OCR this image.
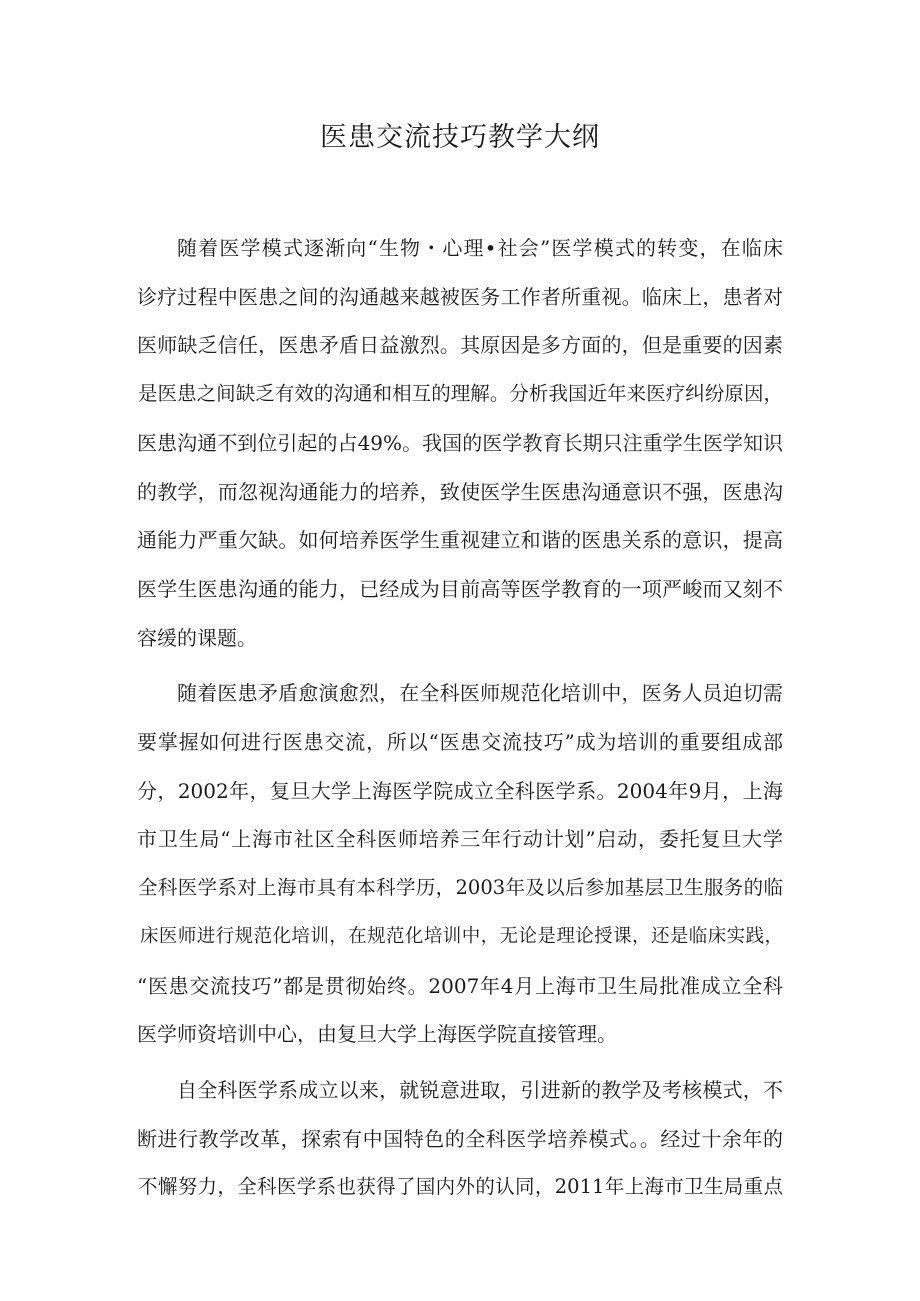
医患交流技巧教学大纲

随着医学模式逐渐向“生物・心理•社会”医学模式的转变，在临床
诊疗过程中医患之间的沟通越来越被医务工作者所重视。临床上，患者对
医师缺乏信任，医患矛盾日益激烈。其原因是多方面的，但是重要的因素
是医患之间缺乏有效的沟通和相互的理解。分析我国近年来医疗纠纷原因，
医患沟通不到位引起的占49%。我国的医学教育长期只注重学生医学知识
的教学，而忽视沟通能力的培养，致使医学生医患沟通意识不强，医患沟
通能力严重欠缺。如何培养医学生重视建立和谐的医患关系的意识，提高
医学生医患沟通的能力，已经成为目前高等医学教育的一项严峻而又刻不
容缓的课题。

随着医患矛盾愈演愈烈，在全科医师规范化培训中，医务人员迫切需
要掌握如何进行医患交流，所以“医患交流技巧”成为培训的重要组成部
分，2002年，复旦大学上海医学院成立全科医学系。2004年9月，上海
市卫生局“上海市社区全科医师培养三年行动计划”启动，委托复旦大学
全科医学系对上海市具有本科学历，2003年及以后参加基层卫生服务的临
床医师进行规范化培训，在规范化培训中，无论是理论授课，还是临床实践，
“医患交流技巧”都是贯彻始终。2007年4月上海市卫生局批准成立全科
医学师资培训中心，由复旦大学上海医学院直接管理。

自全科医学系成立以来，就锐意进取，引进新的教学及考核模式，不
断进行教学改革，探索有中国特色的全科医学培养模式。。经过十余年的
不懈努力，全科医学系也获得了国内外的认同，2011年上海市卫生局重点
